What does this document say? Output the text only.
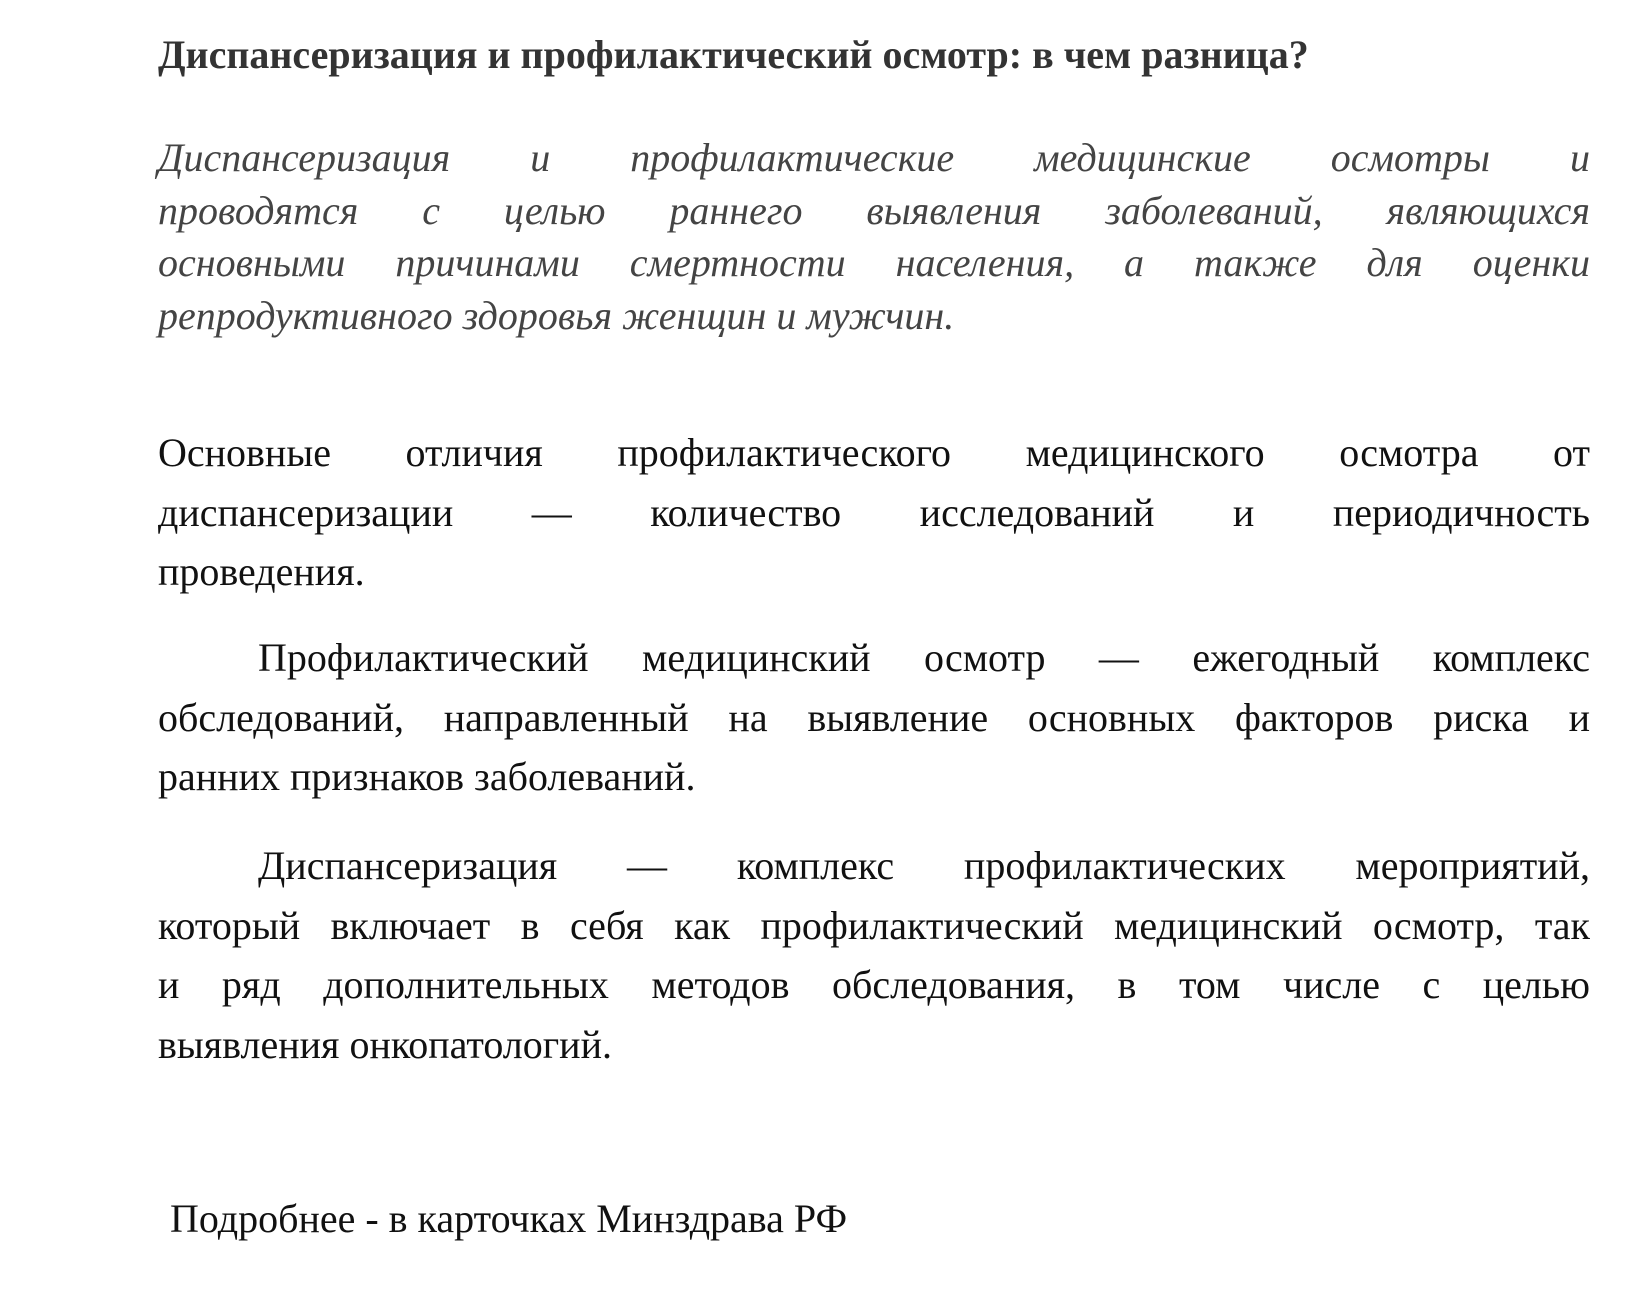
Диспансеризация и профилактический осмотр: в чем разница?
Диспансеризация и профилактические медицинские осмотры и
проводятся с целью раннего выявления заболеваний, являющихся
основными причинами смертности населения, а также для оценки
репродуктивного здоровья женщин и мужчин.
Основные отличия профилактического медицинского осмотра от
диспансеризации — количество исследований и периодичность
проведения.
Профилактический медицинский осмотр — ежегодный комплекс
обследований, направленный на выявление основных факторов риска и
ранних признаков заболеваний.
Диспансеризация — комплекс профилактических мероприятий,
который включает в себя как профилактический медицинский осмотр, так
и ряд дополнительных методов обследования, в том числе с целью
выявления онкопатологий.
Подробнее - в карточках Минздрава РФ
